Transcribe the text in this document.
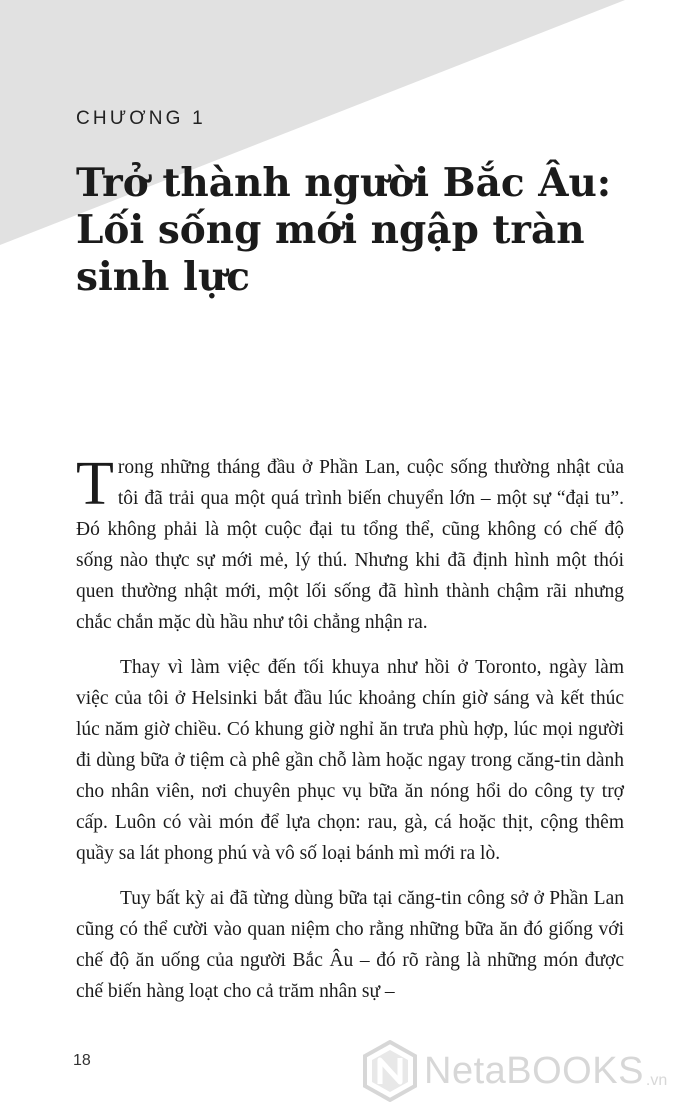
CHƯƠNG 1
Trở thành người Bắc Âu:
Lối sống mới ngập tràn
sinh lực

Trong những tháng đầu ở Phần Lan, cuộc sống thường nhật của tôi đã trải qua một quá trình biến chuyển lớn – một sự “đại tu”. Đó không phải là một cuộc đại tu tổng thể, cũng không có chế độ sống nào thực sự mới mẻ, lý thú. Nhưng khi đã định hình một thói quen thường nhật mới, một lối sống đã hình thành chậm rãi nhưng chắc chắn mặc dù hầu như tôi chẳng nhận ra.

Thay vì làm việc đến tối khuya như hồi ở Toronto, ngày làm việc của tôi ở Helsinki bắt đầu lúc khoảng chín giờ sáng và kết thúc lúc năm giờ chiều. Có khung giờ nghỉ ăn trưa phù hợp, lúc mọi người đi dùng bữa ở tiệm cà phê gần chỗ làm hoặc ngay trong căng-tin dành cho nhân viên, nơi chuyên phục vụ bữa ăn nóng hổi do công ty trợ cấp. Luôn có vài món để lựa chọn: rau, gà, cá hoặc thịt, cộng thêm quầy sa lát phong phú và vô số loại bánh mì mới ra lò.

Tuy bất kỳ ai đã từng dùng bữa tại căng-tin công sở ở Phần Lan cũng có thể cười vào quan niệm cho rằng những bữa ăn đó giống với chế độ ăn uống của người Bắc Âu – đó rõ ràng là những món được chế biến hàng loạt cho cả trăm nhân sự –

18	NetaBOOKS .vn
